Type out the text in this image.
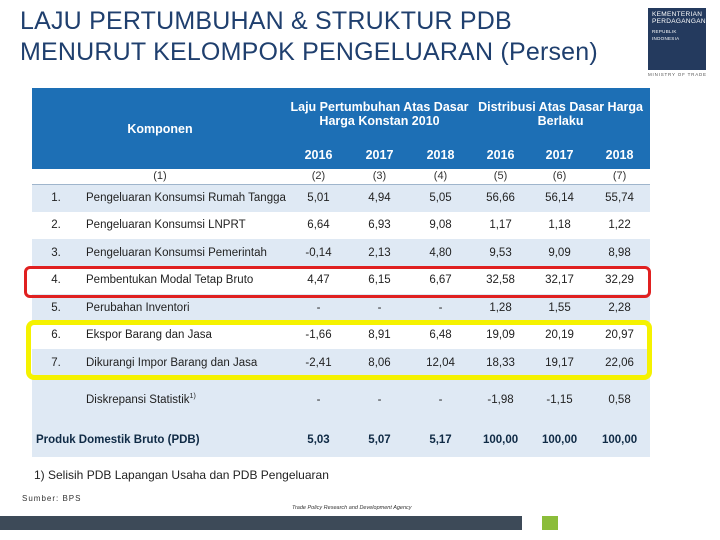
LAJU PERTUMBUHAN & STRUKTUR PDB MENURUT KELOMPOK PENGELUARAN (Persen)
KEMENTERIAN
PERDAGANGAN
REPUBLIK INDONESIA
MINISTRY OF TRADE
Komponen		Laju Pertumbuhan Atas Dasar Harga Konstan 2010			Distribusi Atas Dasar Harga Berlaku		
		2016	2017	2018	2016	2017	2018
(1)		(2)	(3)	(4)	(5)	(6)	(7)
1.	Pengeluaran Konsumsi Rumah Tangga	5,01	4,94	5,05	56,66	56,14	55,74
2.	Pengeluaran Konsumsi LNPRT	6,64	6,93	9,08	1,17	1,18	1,22
3.	Pengeluaran Konsumsi Pemerintah	-0,14	2,13	4,80	9,53	9,09	8,98
4.	Pembentukan Modal Tetap Bruto	4,47	6,15	6,67	32,58	32,17	32,29
5.	Perubahan Inventori	-	-	-	1,28	1,55	2,28
6.	Ekspor Barang dan Jasa	-1,66	8,91	6,48	19,09	20,19	20,97
7.	Dikurangi Impor Barang dan Jasa	-2,41	8,06	12,04	18,33	19,17	22,06
	Diskrepansi Statistik$^{1)}$	-	-	-	-1,98	-1,15	0,58
Produk Domestik Bruto (PDB)		5,03	5,07	5,17	100,00	100,00	100,00
1) Selisih PDB Lapangan Usaha dan PDB Pengeluaran
Sumber: BPS
Trade Policy Research and Development Agency
